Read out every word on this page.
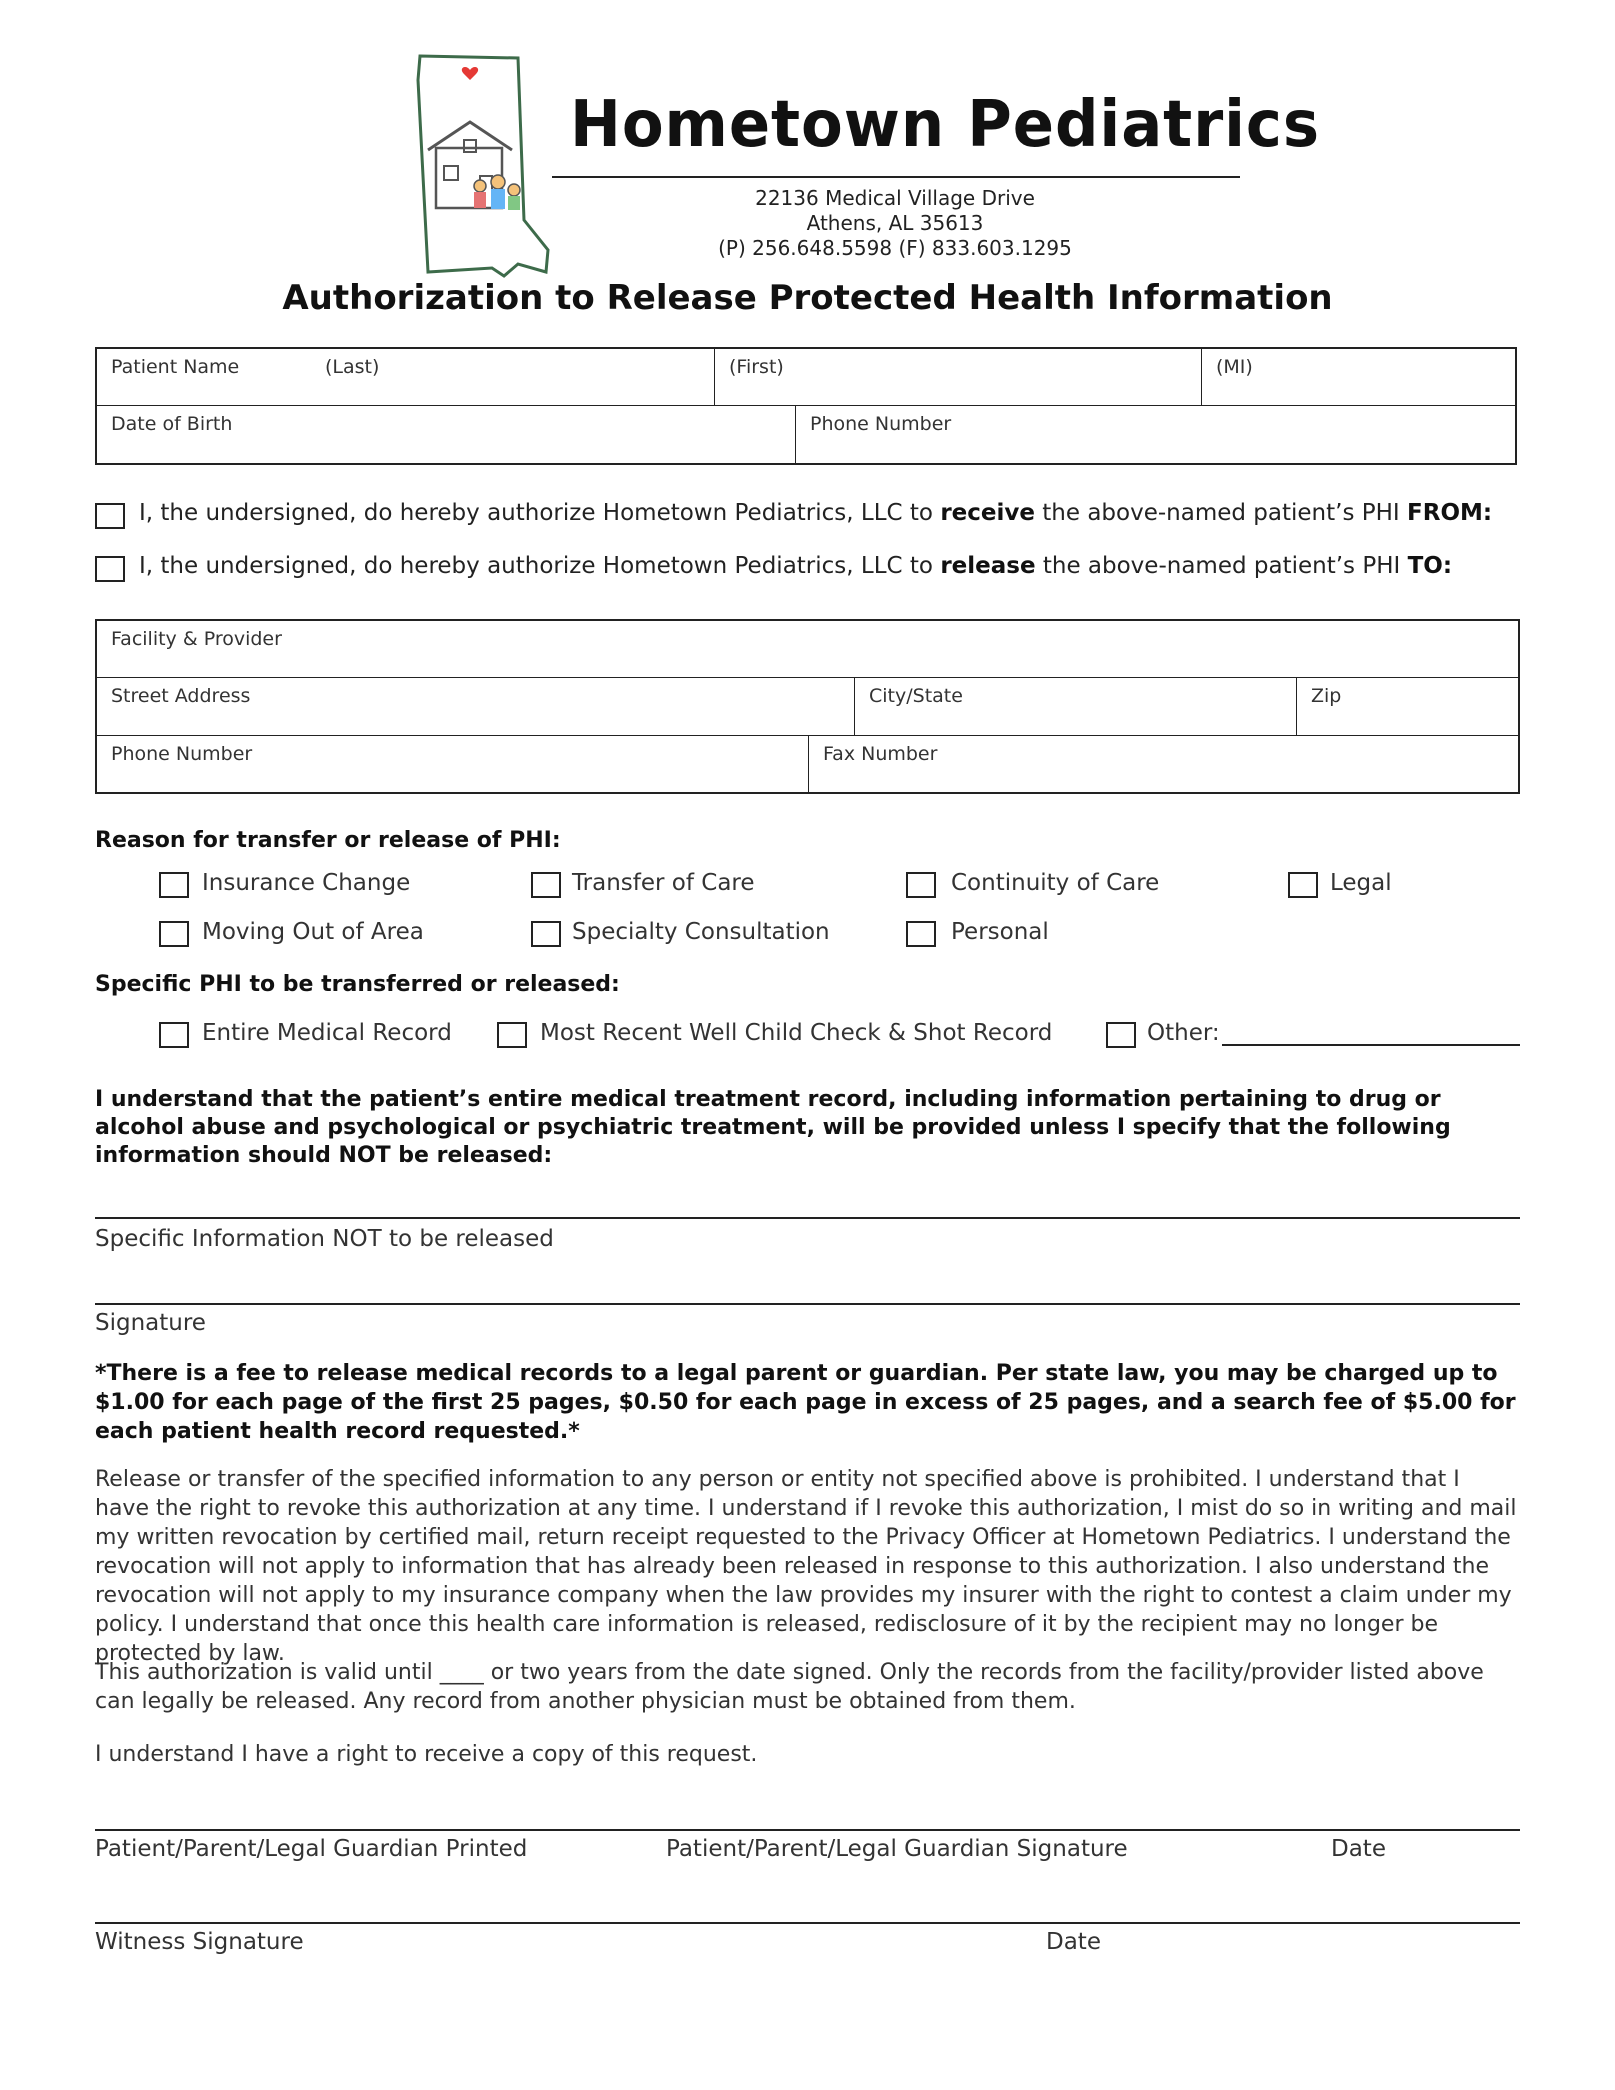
Hometown Pediatrics
22136 Medical Village Drive
Athens, AL 35613
(P) 256.648.5598 (F) 833.603.1295
Authorization to Release Protected Health Information
Patient Name	(Last)	(First)	(MI)
Date of Birth	Phone Number
I, the undersigned, do hereby authorize Hometown Pediatrics, LLC to receive the above-named patient’s PHI FROM:
I, the undersigned, do hereby authorize Hometown Pediatrics, LLC to release the above-named patient’s PHI TO:
Facility & Provider
Street Address	City/State	Zip
Phone Number	Fax Number
Reason for transfer or release of PHI:
Insurance Change	Transfer of Care	Continuity of Care	Legal
Moving Out of Area	Specialty Consultation	Personal
Specific PHI to be transferred or released:
Entire Medical Record	Most Recent Well Child Check & Shot Record	Other:
I understand that the patient’s entire medical treatment record, including information pertaining to drug or alcohol abuse and psychological or psychiatric treatment, will be provided unless I specify that the following information should NOT be released:
Specific Information NOT to be released
Signature
*There is a fee to release medical records to a legal parent or guardian. Per state law, you may be charged up to $1.00 for each page of the first 25 pages, $0.50 for each page in excess of 25 pages, and a search fee of $5.00 for each patient health record requested.*
Release or transfer of the specified information to any person or entity not specified above is prohibited. I understand that I have the right to revoke this authorization at any time. I understand if I revoke this authorization, I mist do so in writing and mail my written revocation by certified mail, return receipt requested to the Privacy Officer at Hometown Pediatrics. I understand the revocation will not apply to information that has already been released in response to this authorization. I also understand the revocation will not apply to my insurance company when the law provides my insurer with the right to contest a claim under my policy. I understand that once this health care information is released, redisclosure of it by the recipient may no longer be protected by law.
This authorization is valid until ____ or two years from the date signed. Only the records from the facility/provider listed above can legally be released. Any record from another physician must be obtained from them.
I understand I have a right to receive a copy of this request.
Patient/Parent/Legal Guardian Printed	Patient/Parent/Legal Guardian Signature	Date
Witness Signature	Date
